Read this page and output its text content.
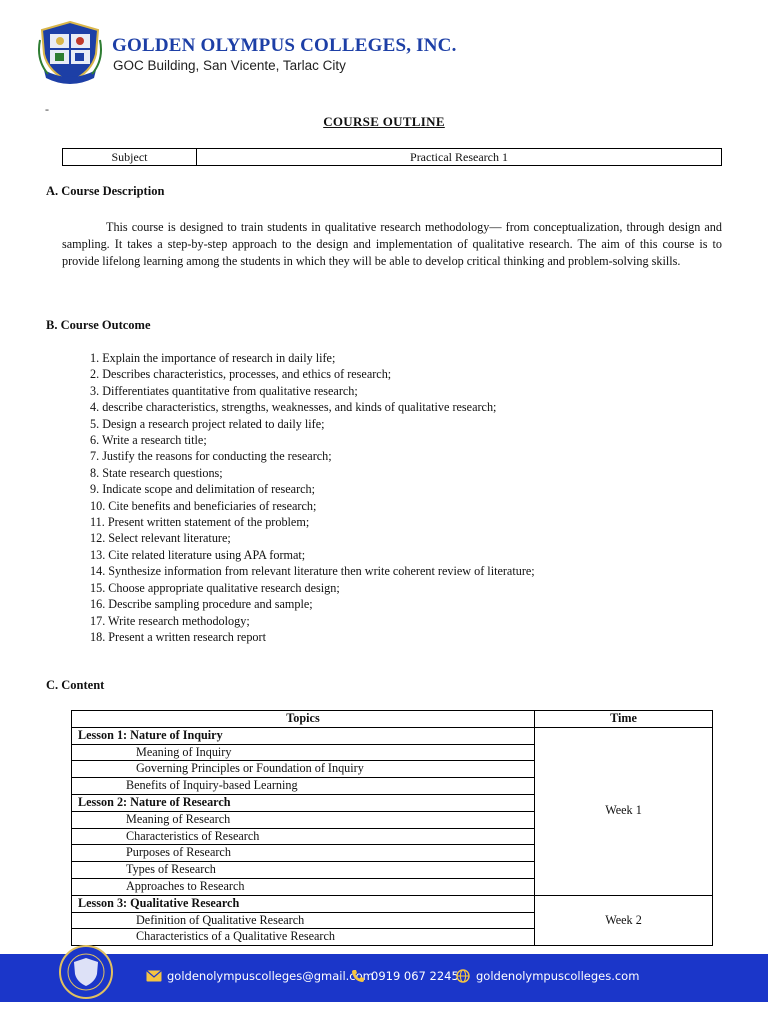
GOLDEN OLYMPUS COLLEGES, INC.
GOC Building, San Vicente, Tarlac City
-
COURSE OUTLINE
Subject	Practical Research 1
A. Course Description
This course is designed to train students in qualitative research methodology— from conceptualization, through design and sampling. It takes a step-by-step approach to the design and implementation of qualitative research. The aim of this course is to provide lifelong learning among the students in which they will be able to develop critical thinking and problem-solving skills.
B. Course Outcome
1. Explain the importance of research in daily life;
2. Describes characteristics, processes, and ethics of research;
3. Differentiates quantitative from qualitative research;
4. describe characteristics, strengths, weaknesses, and kinds of qualitative research;
5. Design a research project related to daily life;
6. Write a research title;
7. Justify the reasons for conducting the research;
8. State research questions;
9. Indicate scope and delimitation of research;
10. Cite benefits and beneficiaries of research;
11. Present written statement of the problem;
12. Select relevant literature;
13. Cite related literature using APA format;
14. Synthesize information from relevant literature then write coherent review of literature;
15. Choose appropriate qualitative research design;
16. Describe sampling procedure and sample;
17. Write research methodology;
18. Present a written research report
C. Content
Topics	Time
Lesson 1: Nature of Inquiry	Week 1
Meaning of Inquiry	
Governing Principles or Foundation of Inquiry	
Benefits of Inquiry-based Learning	
Lesson 2: Nature of Research	
Meaning of Research	
Characteristics of Research	
Purposes of Research	
Types of Research	
Approaches to Research	
Lesson 3: Qualitative Research	Week 2
Definition of Qualitative Research	
Characteristics of a Qualitative Research	
goldenolympuscolleges@gmail.com
0919 067 2245 goldenolympuscolleges.com
